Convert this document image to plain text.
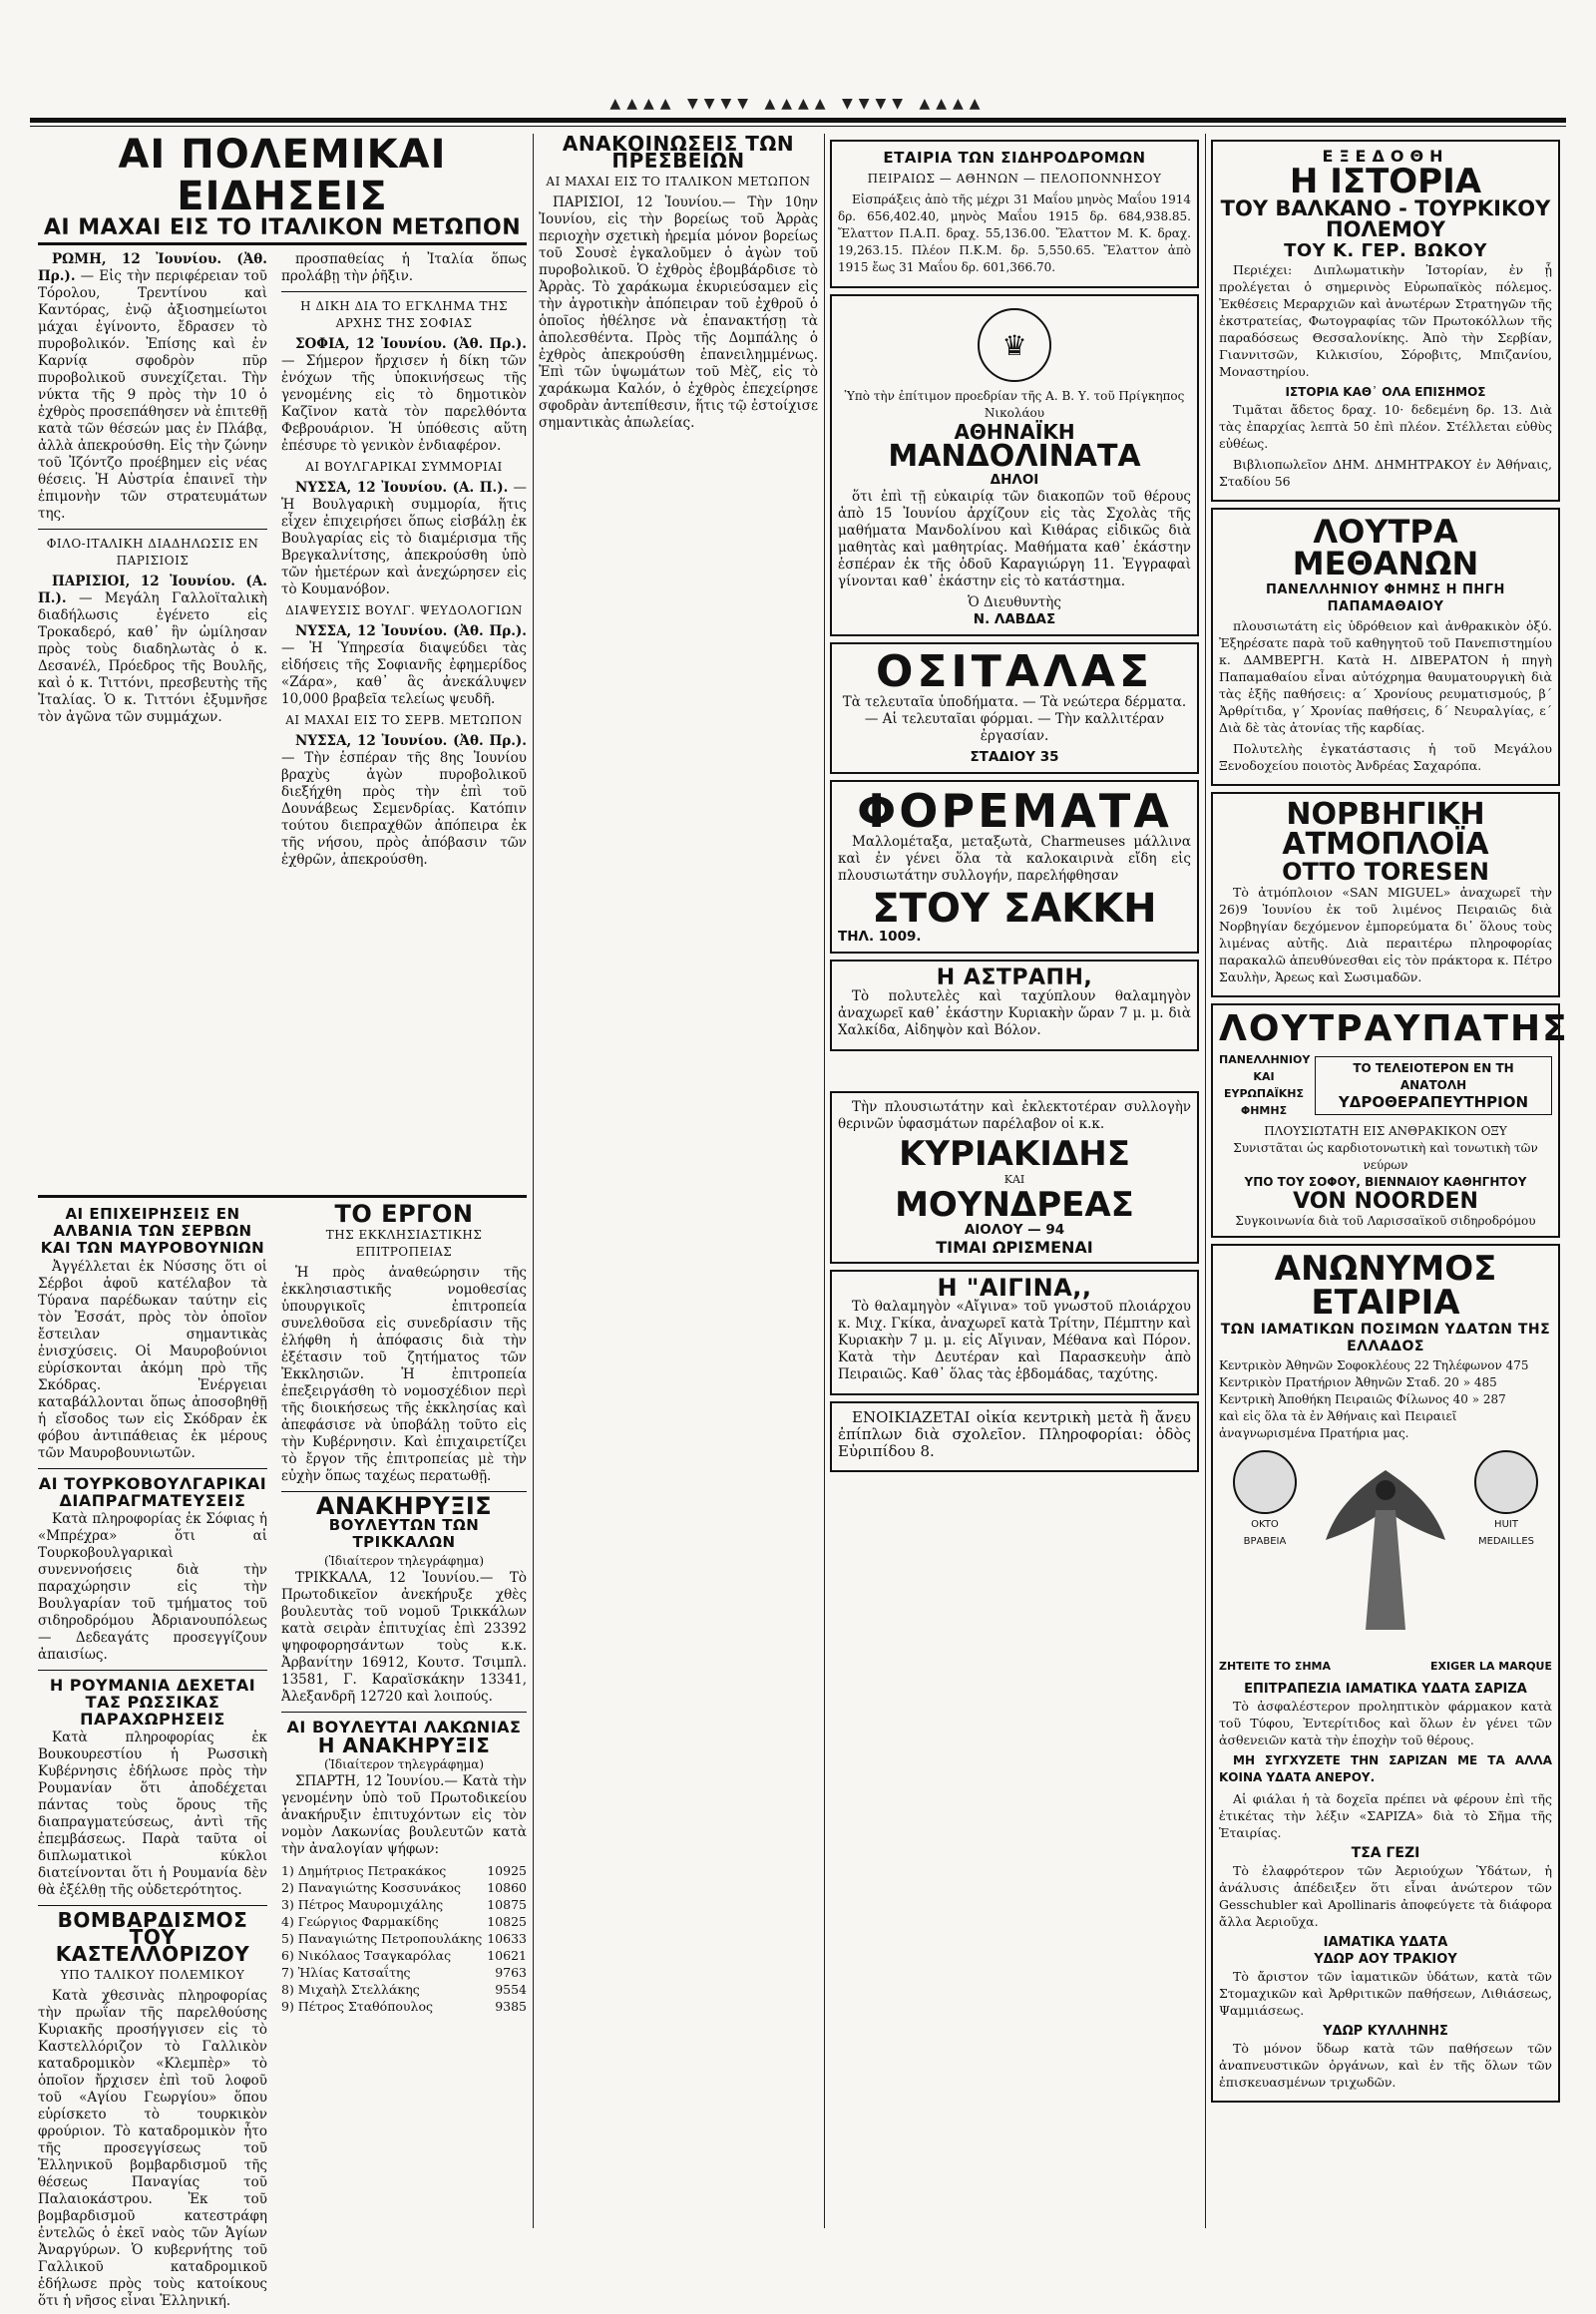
▲▲▲▲ ▼▼▼▼ ▲▲▲▲ ▼▼▼▼ ▲▲▲▲
ΑΙ ΠΟΛΕΜΙΚΑΙ ΕΙΔΗΣΕΙΣ
ΑΙ ΜΑΧΑΙ ΕΙΣ ΤΟ ΙΤΑΛΙΚΟΝ ΜΕΤΩΠΟΝ

ΡΩΜΗ, 12 Ἰουνίου. (Ἀθ. Πρ.). — Εἰς τὴν περιφέρειαν τοῦ Τόρολου, Τρεντίνου καὶ Καντόρας, ἐνῷ ἀξιοσημείωτοι μάχαι ἐγίνοντο, ἔδρασεν τὸ πυροβολικόν. Ἐπίσης καὶ ἐν Καρνίᾳ σφοδρὸν πῦρ πυροβολικοῦ συνεχίζεται. Τὴν νύκτα τῆς 9 πρὸς τὴν 10 ὁ ἐχθρὸς προσεπάθησεν νὰ ἐπιτεθῇ κατὰ τῶν θέσεών μας ἐν Πλάβᾳ, ἀλλὰ ἀπεκρούσθη. Εἰς τὴν ζώνην τοῦ Ἰζόντζο προέβημεν εἰς νέας θέσεις. Ἡ Αὐστρία ἐπαινεῖ τὴν ἐπιμονὴν τῶν στρατευμάτων της.

ΦΙΛΟ-ΙΤΑΛΙΚΗ ΔΙΑΔΗΛΩΣΙΣ ΕΝ ΠΑΡΙΣΙΟΙΣ

ΠΑΡΙΣΙΟΙ, 12 Ἰουνίου. (Α. Π.). — Μεγάλη Γαλλοϊταλικὴ διαδήλωσις ἐγένετο εἰς Τροκαδερό, καθ᾽ ἣν ὡμίλησαν πρὸς τοὺς διαδηλωτὰς ὁ κ. Δεσανέλ, Πρόεδρος τῆς Βουλῆς, καὶ ὁ κ. Τιττόνι, πρεσβευτὴς τῆς Ἰταλίας. Ὁ κ. Τιττόνι ἐξυμνῆσε τὸν ἀγῶνα τῶν συμμάχων.

προσπαθείας ἡ Ἰταλία ὅπως προλάβῃ τὴν ῥῆξιν.

Η ΔΙΚΗ ΔΙΑ ΤΟ ΕΓΚΛΗΜΑ ΤΗΣ ΑΡΧΗΣ ΤΗΣ ΣΟΦΙΑΣ

ΣΟΦΙΑ, 12 Ἰουνίου. (Ἀθ. Πρ.). — Σήμερον ἤρχισεν ἡ δίκη τῶν ἐνόχων τῆς ὑποκινήσεως τῆς γενομένης εἰς τὸ δημοτικὸν Καζῖνον κατὰ τὸν παρελθόντα Φεβρουάριον. Ἡ ὑπόθεσις αὕτη ἐπέσυρε τὸ γενικὸν ἐνδιαφέρον.

ΑΙ ΒΟΥΛΓΑΡΙΚΑΙ ΣΥΜΜΟΡΙΑΙ

ΝΥΣΣΑ, 12 Ἰουνίου. (Α. Π.). — Ἡ Βουλγαρικὴ συμμορία, ἥτις εἶχεν ἐπιχειρήσει ὅπως εἰσβάλῃ ἐκ Βουλγαρίας εἰς τὸ διαμέρισμα τῆς Βρεγκαλνίτσης, ἀπεκρούσθη ὑπὸ τῶν ἡμετέρων καὶ ἀνεχώρησεν εἰς τὸ Κουμανόβον.

ΔΙΑΨΕΥΣΙΣ ΒΟΥΛΓ. ΨΕΥΔΟΛΟΓΙΩΝ

ΝΥΣΣΑ, 12 Ἰουνίου. (Ἀθ. Πρ.). — Ἡ Ὑπηρεσία διαψεύδει τὰς εἰδήσεις τῆς Σοφιανῆς ἐφημερίδος «Ζάρα», καθ᾽ ἃς ἀνεκάλυψεν 10,000 βραβεῖα τελείως ψευδῆ.

ΑΙ ΜΑΧΑΙ ΕΙΣ ΤΟ ΣΕΡΒ. ΜΕΤΩΠΟΝ

ΝΥΣΣΑ, 12 Ἰουνίου. (Ἀθ. Πρ.). — Τὴν ἑσπέραν τῆς 8ης Ἰουνίου βραχὺς ἀγὼν πυροβολικοῦ διεξήχθη πρὸς τὴν ἐπὶ τοῦ Δουνάβεως Σεμενδρίας. Κατόπιν τούτου διεπραχθῶν ἀπόπειρα ἐκ τῆς νήσου, πρὸς ἀπόβασιν τῶν ἐχθρῶν, ἀπεκρούσθη.

ΑΙ ΕΠΙΧΕΙΡΗΣΕΙΣ ΕΝ ΑΛΒΑΝΙΑ ΤΩΝ ΣΕΡΒΩΝ ΚΑΙ ΤΩΝ ΜΑΥΡΟΒΟΥΝΙΩΝ

Ἀγγέλλεται ἐκ Νύσσης ὅτι οἱ Σέρβοι ἀφοῦ κατέλαβον τὰ Τύρανα παρέδωκαν ταύτην εἰς τὸν Ἐσσάτ, πρὸς τὸν ὁποῖον ἔστειλαν σημαντικὰς ἐνισχύσεις. Οἱ Μαυροβούνιοι εὑρίσκονται ἀκόμη πρὸ τῆς Σκόδρας. Ἐνέργειαι καταβάλλονται ὅπως ἀποσοβηθῇ ἡ εἴσοδος των εἰς Σκόδραν ἐκ φόβου ἀντιπάθειας ἐκ μέρους τῶν Μαυροβουνιωτῶν.

ΑΙ ΤΟΥΡΚΟΒΟΥΛΓΑΡΙΚΑΙ ΔΙΑΠΡΑΓΜΑΤΕΥΣΕΙΣ

Κατὰ πληροφορίας ἐκ Σόφιας ἡ «Μπρέχρα» ὅτι αἱ Τουρκοβουλγαρικαὶ συνεννοήσεις διὰ τὴν παραχώρησιν εἰς τὴν Βουλγαρίαν τοῦ τμήματος τοῦ σιδηροδρόμου Ἀδριανουπόλεως — Δεδεαγάτς προσεγγίζουν ἀπαισίως.

Η ΡΟΥΜΑΝΙΑ ΔΕΧΕΤΑΙ ΤΑΣ ΡΩΣΣΙΚΑΣ ΠΑΡΑΧΩΡΗΣΕΙΣ

Κατὰ πληροφορίας ἐκ Βουκουρεστίου ἡ Ρωσσικὴ Κυβέρνησις ἐδήλωσε πρὸς τὴν Ρουμανίαν ὅτι ἀποδέχεται πάντας τοὺς ὅρους τῆς διαπραγματεύσεως, ἀντὶ τῆς ἐπεμβάσεως. Παρὰ ταῦτα οἱ διπλωματικοὶ κύκλοι διατείνονται ὅτι ἡ Ρουμανία δὲν θὰ ἐξέλθῃ τῆς οὐδετερότητος.

ΒΟΜΒΑΡΔΙΣΜΟΣ ΤΟΥ ΚΑΣΤΕΛΛΟΡΙΖΟΥ
ΥΠΟ ΤΑΛΙΚΟΥ ΠΟΛΕΜΙΚΟΥ

Κατὰ χθεσινὰς πληροφορίας τὴν πρωΐαν τῆς παρελθούσης Κυριακῆς προσήγγισεν εἰς τὸ Καστελλόριζον τὸ Γαλλικὸν καταδρομικὸν «Κλεμπὲρ» τὸ ὁποῖον ἤρχισεν ἐπὶ τοῦ λοφοῦ τοῦ «Αγίου Γεωργίου» ὅπου εὑρίσκετο τὸ τουρκικὸν φρούριον. Τὸ καταδρομικὸν ἦτο τῆς προσεγγίσεως τοῦ Ἑλληνικοῦ βομβαρδισμοῦ τῆς θέσεως Παναγίας τοῦ Παλαιοκάστρου. Ἐκ τοῦ βομβαρδισμοῦ κατεστράφη ἐντελῶς ὁ ἐκεῖ ναὸς τῶν Ἁγίων Ἀναργύρων. Ὁ κυβερνήτης τοῦ Γαλλικοῦ καταδρομικοῦ ἐδήλωσε πρὸς τοὺς κατοίκους ὅτι ἡ νῆσος εἶναι Ἑλληνική.

ΤΟ ΕΡΓΟΝ
ΤΗΣ ΕΚΚΛΗΣΙΑΣΤΙΚΗΣ ΕΠΙΤΡΟΠΕΙΑΣ

Ἡ πρὸς ἀναθεώρησιν τῆς ἐκκλησιαστικῆς νομοθεσίας ὑπουργικοῖς ἐπιτροπεία συνελθοῦσα εἰς συνεδρίασιν τῆς ἐλήφθη ἡ ἀπόφασις διὰ τὴν ἐξέτασιν τοῦ ζητήματος τῶν Ἐκκλησιῶν. Ἡ ἐπιτροπεία ἐπεξειργάσθη τὸ νομοσχέδιον περὶ τῆς διοικήσεως τῆς ἐκκλησίας καὶ ἀπεφάσισε νὰ ὑποβάλῃ τοῦτο εἰς τὴν Κυβέρνησιν. Καὶ ἐπιχαιρετίζει τὸ ἔργον τῆς ἐπιτροπείας μὲ τὴν εὐχὴν ὅπως ταχέως περατωθῇ.

ΑΝΑΚΗΡΥΞΙΣ
ΒΟΥΛΕΥΤΩΝ ΤΩΝ ΤΡΙΚΚΑΛΩΝ
(Ἰδιαίτερον τηλεγράφημα)

ΤΡΙΚΚΑΛΑ, 12 Ἰουνίου.— Τὸ Πρωτοδικεῖον ἀνεκήρυξε χθὲς βουλευτὰς τοῦ νομοῦ Τρικκάλων κατὰ σειρὰν ἐπιτυχίας ἐπὶ 23392 ψηφοφορησάντων τοὺς κ.κ. Ἀρβανίτην 16912, Κουτσ. Τσιμπλ. 13581, Γ. Καραϊσκάκην 13341, Ἀλεξανδρῆ 12720 καὶ λοιπούς.

ΑΙ ΒΟΥΛΕΥΤΑΙ ΛΑΚΩΝΙΑΣ
Η ΑΝΑΚΗΡΥΞΙΣ
(Ἰδιαίτερον τηλεγράφημα)

ΣΠΑΡΤΗ, 12 Ἰουνίου.— Κατὰ τὴν γενομένην ὑπὸ τοῦ Πρωτοδικείου ἀνακήρυξιν ἐπιτυχόντων εἰς τὸν νομὸν Λακωνίας βουλευτῶν κατὰ τὴν ἀναλογίαν ψήφων:

1) Δημήτριος Πετρακάκος	10925
2) Παναγιώτης Κοσσυνάκος 10860
3) Πέτρος Μαυρομιχάλης	10875
4) Γεώργιος Φαρμακίδης	10825
5) Παναγιώτης Πετροπουλάκης 10633
6) Νικόλαος Τσαγκαρόλας	10621
7) Ἠλίας Κατσαΐτης	9763
8) Μιχαὴλ Στελλάκης	9554
9) Πέτρος Σταθόπουλος	9385
ΑΝΑΚΟΙΝΩΣΕΙΣ ΤΩΝ ΠΡΕΣΒΕΙΩΝ
ΑΙ ΜΑΧΑΙ ΕΙΣ ΤΟ ΙΤΑΛΙΚΟΝ ΜΕΤΩΠΟΝ

ΠΑΡΙΣΙΟΙ, 12 Ἰουνίου.— Τὴν 10ην Ἰουνίου, εἰς τὴν βορείως τοῦ Ἀρρὰς περιοχὴν σχετικὴ ἠρεμία μόνον βορείως τοῦ Σουσὲ ἐγκαλοῦμεν ὁ ἀγὼν τοῦ πυροβολικοῦ. Ὁ ἐχθρὸς ἐβομβάρδισε τὸ Ἀρρὰς. Τὸ χαράκωμα ἐκυριεύσαμεν εἰς τὴν ἀγροτικὴν ἀπόπειραν τοῦ ἐχθροῦ ὁ ὁποῖος ἠθέλησε νὰ ἐπανακτήσῃ τὰ ἀπολεσθέντα. Πρὸς τῆς Δομπάλης ὁ ἐχθρὸς ἀπεκρούσθη ἐπανειλημμένως. Ἐπὶ τῶν ὑψωμάτων τοῦ Μὲζ, εἰς τὸ χαράκωμα Καλόν, ὁ ἐχθρὸς ἐπεχείρησε σφοδρὰν ἀντεπίθεσιν, ἥτις τῷ ἐστοίχισε σημαντικὰς ἀπωλείας.

ΕΤΑΙΡΙΑ ΤΩΝ ΣΙΔΗΡΟΔΡΟΜΩΝ
ΠΕΙΡΑΙΩΣ — ΑΘΗΝΩΝ — ΠΕΛΟΠΟΝΝΗΣΟΥ

Εἰσπράξεις ἀπὸ τῆς μέχρι 31 Μαΐου μηνὸς Μαΐου 1914 δρ. 656,402.40, μηνὸς Μαΐου 1915 δρ. 684,938.85. Ἔλαττον Π.Α.Π. δραχ. 55,136.00. Ἔλαττον Μ. Κ. δραχ. 19,263.15. Πλέον Π.Κ.Μ. δρ. 5,550.65. Ἔλαττον ἀπὸ 1915 ἔως 31 Μαΐου δρ. 601,366.70.

♛
Ὑπὸ τὴν ἐπίτιμον προεδρίαν τῆς Α. Β. Υ. τοῦ Πρίγκηπος Νικολάου
ΑΘΗΝΑΪΚΗ
ΜΑΝΔΟΛΙΝΑΤΑ
ΔΗΛΟΙ

ὅτι ἐπὶ τῇ εὐκαιρίᾳ τῶν διακοπῶν τοῦ θέρους ἀπὸ 15 Ἰουνίου ἀρχίζουν εἰς τὰς Σχολὰς τῆς μαθήματα Μανδολίνου καὶ Κιθάρας εἰδικῶς διὰ μαθητὰς καὶ μαθητρίας. Μαθήματα καθ᾽ ἑκάστην ἑσπέραν ἐκ τῆς ὁδοῦ Καραγιώργη 11. Ἐγγραφαὶ γίνονται καθ᾽ ἑκάστην εἰς τὸ κατάστημα.

Ὁ Διευθυντὴς
Ν. ΛΑΒΔΑΣ
ΟΣΙΤΑΛΑΣ

Τὰ τελευταῖα ὑποδήματα. — Τὰ νεώτερα δέρματα. — Αἱ τελευταῖαι φόρμαι. — Τὴν καλλιτέραν ἐργασίαν.

ΣΤΑΔΙΟΥ 35
ΦΟΡΕΜΑΤΑ

Μαλλομέταξα, μεταξωτὰ, Charmeuses μάλλινα καὶ ἐν γένει ὅλα τὰ καλοκαιρινὰ εἴδη εἰς πλουσιωτάτην συλλογήν, παρελήφθησαν

ΣΤΟΥ ΣΑΚΚΗ
ΤΗΛ. 1009.
Η ΑΣΤΡΑΠΗ,

Τὸ πολυτελὲς καὶ ταχύπλουν θαλαμηγὸν ἀναχωρεῖ καθ᾽ ἑκάστην Κυριακὴν ὥραν 7 μ. μ. διὰ Χαλκίδα, Αἰδηψὸν καὶ Βόλον.

Τὴν πλουσιωτάτην καὶ ἐκλεκτοτέραν συλλογὴν θερινῶν ὑφασμάτων παρέλαβον οἱ κ.κ.

ΚΥΡΙΑΚΙΔΗΣ
ΚΑΙ
ΜΟΥΝΔΡΕΑΣ
ΑΙΟΛΟΥ — 94
ΤΙΜΑΙ ΩΡΙΣΜΕΝΑΙ
Η "ΑΙΓΙΝΑ,,

Τὸ θαλαμηγὸν «Αἴγινα» τοῦ γνωστοῦ πλοιάρχου κ. Μιχ. Γκίκα, ἀναχωρεῖ κατὰ Τρίτην, Πέμπτην καὶ Κυριακὴν 7 μ. μ. εἰς Αἴγιναν, Μέθανα καὶ Πόρον. Κατὰ τὴν Δευτέραν καὶ Παρασκευὴν ἀπὸ Πειραιῶς. Καθ᾽ ὅλας τὰς ἑβδομάδας, ταχύτης.

ΕΝΟΙΚΙΑΖΕΤΑΙ οἰκία κεντρικὴ μετὰ ἢ ἄνευ ἐπίπλων διὰ σχολεῖον. Πληροφορίαι: ὁδὸς Εὐριπίδου 8.

ΕΞΕΔΟΘΗ
Η ΙΣΤΟΡΙΑ
ΤΟΥ ΒΑΛΚΑΝΟ - ΤΟΥΡΚΙΚΟΥ ΠΟΛΕΜΟΥ
ΤΟΥ Κ. ΓΕΡ. ΒΩΚΟΥ

Περιέχει: Διπλωματικὴν Ἱστορίαν, ἐν ᾗ προλέγεται ὁ σημερινὸς Εὐρωπαϊκὸς πόλεμος. Ἐκθέσεις Μεραρχιῶν καὶ ἀνωτέρων Στρατηγῶν τῆς ἐκστρατείας, Φωτογραφίας τῶν Πρωτοκόλλων τῆς παραδόσεως Θεσσαλονίκης. Ἀπὸ τὴν Σερβίαν, Γιαννιτσῶν, Κιλκισίου, Σόροβιτς, Μπιζανίου, Μοναστηρίου.

ΙΣΤΟΡΙΑ ΚΑΘ᾽ ΟΛΑ ΕΠΙΣΗΜΟΣ

Τιμᾶται ἄδετος δραχ. 10· δεδεμένη δρ. 13. Διὰ τὰς ἐπαρχίας λεπτὰ 50 ἐπὶ πλέον. Στέλλεται εὐθὺς εὐθέως.

Βιβλιοπωλεῖον ΔΗΜ. ΔΗΜΗΤΡΑΚΟΥ ἐν Ἀθήναις, Σταδίου 56

ΛΟΥΤΡΑ ΜΕΘΑΝΩΝ
ΠΑΝΕΛΛΗΝΙΟΥ ΦΗΜΗΣ Η ΠΗΓΗ ΠΑΠΑΜΑΘΑΙΟΥ

πλουσιωτάτη εἰς ὑδρόθειον καὶ ἀνθρακικὸν ὀξύ. Ἐξηρέσατε παρὰ τοῦ καθηγητοῦ τοῦ Πανεπιστημίου κ. ΔΑΜΒΕΡΓΗ. Κατὰ Η. ΔΙΒΕΡΑΤΟΝ ἡ πηγὴ Παπαμαθαίου εἶναι αὐτόχρημα θαυματουργικὴ διὰ τὰς ἑξῆς παθήσεις: α΄ Χρονίους ρευματισμούς, β΄ Ἀρθρίτιδα, γ΄ Χρονίας παθήσεις, δ΄ Νευραλγίας, ε΄ Διὰ δὲ τὰς ἀτονίας τῆς καρδίας.

Πολυτελὴς ἐγκατάστασις ἡ τοῦ Μεγάλου Ξενοδοχείου ποιοτὸς Ἀνδρέας Σαχαρόπα.

ΝΟΡΒΗΓΙΚΗ ΑΤΜΟΠΛΟΪΑ
OTTO TORESEN

Τὸ ἀτμόπλοιον «SAN MIGUEL» ἀναχωρεῖ τὴν 26)9 Ἰουνίου ἐκ τοῦ λιμένος Πειραιῶς διὰ Νορβηγίαν δεχόμενον ἐμπορεύματα δι᾽ ὅλους τοὺς λιμένας αὐτῆς. Διὰ περαιτέρω πληροφορίας παρακαλῶ ἀπευθύνεσθαι εἰς τὸν πράκτορα κ. Πέτρο Σαυλὴν, Ἀρεως καὶ Σωσιμαδῶν.

ΛΟΥΤΡΑΥΠΑΤΗΣ
ΠΑΝΕΛΛΗΝΙΟΥ ΚΑΙ ΕΥΡΩΠΑΪΚΗΣ ΦΗΜΗΣ
ΤΟ ΤΕΛΕΙΟΤΕΡΟΝ ΕΝ ΤΗ ΑΝΑΤΟΛΗ
ΥΔΡΟΘΕΡΑΠΕΥΤΗΡΙΟΝ
ΠΛΟΥΣΙΩΤΑΤΗ ΕΙΣ ΑΝΘΡΑΚΙΚΟΝ ΟΞΥ
Συνιστᾶται ὡς καρδιοτονωτικὴ καὶ τονωτικὴ τῶν νεύρων
ΥΠΟ ΤΟΥ ΣΟΦΟΥ, ΒΙΕΝΝΑΙΟΥ ΚΑΘΗΓΗΤΟΥ
VON NOORDEN
Συγκοινωνία διὰ τοῦ Λαρισσαϊκοῦ σιδηροδρόμου
ΑΝΩΝΥΜΟΣ ΕΤΑΙΡΙΑ
ΤΩΝ ΙΑΜΑΤΙΚΩΝ ΠΟΣΙΜΩΝ ΥΔΑΤΩΝ ΤΗΣ ΕΛΛΑΔΟΣ
Κεντρικὸν Ἀθηνῶν Σοφοκλέους 22 Τηλέφωνον 475
Κεντρικὸν Πρατήριον Ἀθηνῶν Σταδ. 20 » 485
Κεντρικὴ Ἀποθήκη Πειραιῶς Φίλωνος 40 » 287
καὶ εἰς ὅλα τὰ ἐν Ἀθήναις καὶ Πειραιεῖ ἀναγνωρισμένα Πρατήρια μας.
OKTO ΒΡΑΒΕΙΑ
HUIT MEDAILLES
ΖΗΤΕΙΤΕ ΤΟ ΣΗΜΑ	EXIGER LA MARQUE
ΕΠΙΤΡΑΠΕΖΙΑ ΙΑΜΑΤΙΚΑ ΥΔΑΤΑ ΣΑΡΙΖΑ

Τὸ ἀσφαλέστερον προληπτικὸν φάρμακον κατὰ τοῦ Τύφου, Ἐντερίτιδος καὶ ὅλων ἐν γένει τῶν ἀσθενειῶν κατὰ τὴν ἐποχὴν τοῦ θέρους.

ΜΗ ΣΥΓΧΥΖΕΤΕ ΤΗΝ ΣΑΡΙΖΑΝ ΜΕ ΤΑ ΑΛΛΑ ΚΟΙΝΑ ΥΔΑΤΑ ΑΝΕΡΟΥ.

Αἱ φιάλαι ἡ τὰ δοχεῖα πρέπει νὰ φέρουν ἐπὶ τῆς ἐτικέτας τὴν λέξιν «ΣΑΡΙΖΑ» διὰ τὸ Σῆμα τῆς Ἑταιρίας.

ΤΣΑ ΓΕΖΙ

Τὸ ἐλαφρότερον τῶν Ἀεριούχων Ὑδάτων, ἡ ἀνάλυσις ἀπέδειξεν ὅτι εἶναι ἀνώτερον τῶν Gesschubler καὶ Apollinaris ἀποφεύγετε τὰ διάφορα ἄλλα Ἀεριοῦχα.

ΙΑΜΑΤΙΚΑ ΥΔΑΤΑ
ΥΔΩΡ ΑΟΥ ΤΡΑΚΙΟΥ

Τὸ ἄριστον τῶν ἰαματικῶν ὑδάτων, κατὰ τῶν Στομαχικῶν καὶ Ἀρθριτικῶν παθήσεων, Λιθιάσεως, Ψαμμιάσεως.

ΥΔΩΡ ΚΥΛΛΗΝΗΣ

Τὸ μόνον ὕδωρ κατὰ τῶν παθήσεων τῶν ἀναπνευστικῶν ὀργάνων, καὶ ἐν τῆς ὅλων τῶν ἐπισκευασμένων τριχωδῶν.
